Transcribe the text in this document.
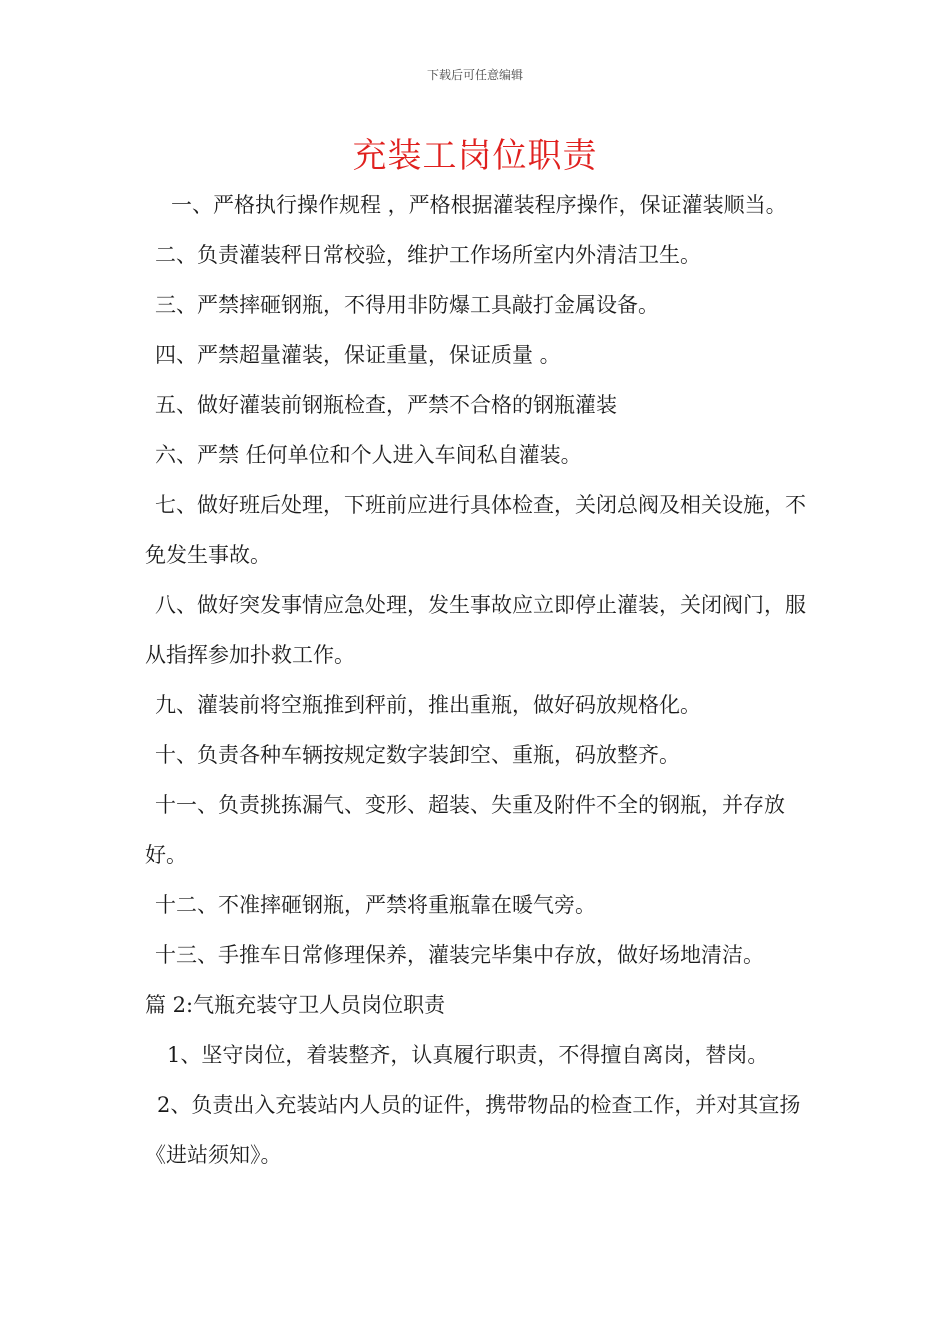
下载后可任意编辑
充装工岗位职责

一、严格执行操作规程 ，严格根据灌装程序操作，保证灌装顺当。

二、负责灌装秤日常校验，维护工作场所室内外清洁卫生。

三、严禁摔砸钢瓶，不得用非防爆工具敲打金属设备。

四、严禁超量灌装，保证重量，保证质量 。

五、做好灌装前钢瓶检查，严禁不合格的钢瓶灌装

六、严禁 任何单位和个人进入车间私自灌装。

七、做好班后处理，下班前应进行具体检查，关闭总阀及相关设施，不免发生事故。

八、做好突发事情应急处理，发生事故应立即停止灌装，关闭阀门，服从指挥参加扑救工作。

九、灌装前将空瓶推到秤前，推出重瓶，做好码放规格化。

十、负责各种车辆按规定数字装卸空、重瓶，码放整齐。

十一、负责挑拣漏气、变形、超装、失重及附件不全的钢瓶，并存放好。

十二、不准摔砸钢瓶，严禁将重瓶靠在暖气旁。

十三、手推车日常修理保养，灌装完毕集中存放，做好场地清洁。

篇 2:气瓶充装守卫人员岗位职责

1、坚守岗位，着装整齐，认真履行职责，不得擅自离岗，替岗。

2、负责出入充装站内人员的证件，携带物品的检查工作，并对其宣扬《进站须知》。
